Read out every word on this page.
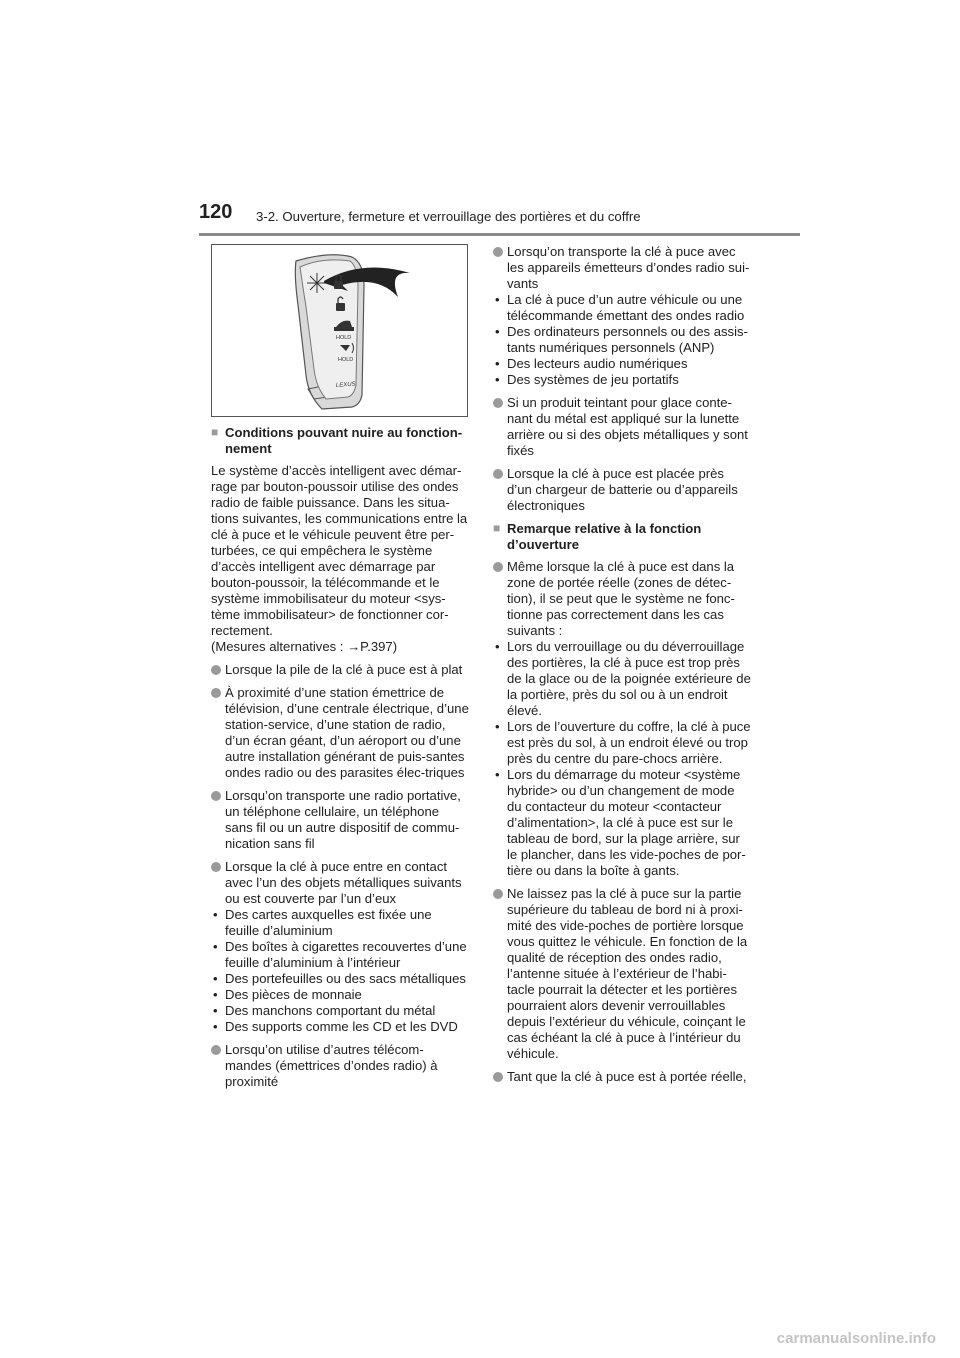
120 3-2. Ouverture, fermeture et verrouillage des portières et du coffre
HOLD
HOLD
LEXUS
■ Conditions pouvant nuire au fonction-nement
Le système d’accès intelligent avec démar-rage par bouton-poussoir utilise des ondes radio de faible puissance. Dans les situa-tions suivantes, les communications entre la clé à puce et le véhicule peuvent être per-turbées, ce qui empêchera le système d’accès intelligent avec démarrage par bouton-poussoir, la télécommande et le système immobilisateur du moteur <sys-tème immobilisateur> de fonctionner cor-rectement.
(Mesures alternatives : →P.397)
Lorsque la pile de la clé à puce est à plat
À proximité d’une station émettrice de télévision, d’une centrale électrique, d’une station-service, d’une station de radio, d’un écran géant, d’un aéroport ou d’une autre installation générant de puis-santes ondes radio ou des parasites élec-triques
Lorsqu’on transporte une radio portative, un téléphone cellulaire, un téléphone sans fil ou un autre dispositif de commu-nication sans fil
Lorsque la clé à puce entre en contact avec l’un des objets métalliques suivants ou est couverte par l’un d’eux
• Des cartes auxquelles est fixée une feuille d’aluminium
• Des boîtes à cigarettes recouvertes d’une feuille d’aluminium à l’intérieur
• Des portefeuilles ou des sacs métalliques
• Des pièces de monnaie
• Des manchons comportant du métal
• Des supports comme les CD et les DVD
Lorsqu’on utilise d’autres télécom-mandes (émettrices d’ondes radio) à proximité
Lorsqu’on transporte la clé à puce avec les appareils émetteurs d’ondes radio sui-vants
• La clé à puce d’un autre véhicule ou une télécommande émettant des ondes radio
• Des ordinateurs personnels ou des assis-tants numériques personnels (ANP)
• Des lecteurs audio numériques
• Des systèmes de jeu portatifs
Si un produit teintant pour glace conte-nant du métal est appliqué sur la lunette arrière ou si des objets métalliques y sont fixés
Lorsque la clé à puce est placée près d’un chargeur de batterie ou d’appareils électroniques
■ Remarque relative à la fonction d’ouverture
Même lorsque la clé à puce est dans la zone de portée réelle (zones de détec-tion), il se peut que le système ne fonc-tionne pas correctement dans les cas suivants :
• Lors du verrouillage ou du déverrouillage des portières, la clé à puce est trop près de la glace ou de la poignée extérieure de la portière, près du sol ou à un endroit élevé.
• Lors de l’ouverture du coffre, la clé à puce est près du sol, à un endroit élevé ou trop près du centre du pare-chocs arrière.
• Lors du démarrage du moteur <système hybride> ou d’un changement de mode du contacteur du moteur <contacteur d’alimentation>, la clé à puce est sur le tableau de bord, sur la plage arrière, sur le plancher, dans les vide-poches de por-tière ou dans la boîte à gants.
Ne laissez pas la clé à puce sur la partie supérieure du tableau de bord ni à proxi-mité des vide-poches de portière lorsque vous quittez le véhicule. En fonction de la qualité de réception des ondes radio, l’antenne située à l’extérieur de l’habi-tacle pourrait la détecter et les portières pourraient alors devenir verrouillables depuis l’extérieur du véhicule, coinçant le cas échéant la clé à puce à l’intérieur du véhicule.
Tant que la clé à puce est à portée réelle,
carmanualsonline.info
